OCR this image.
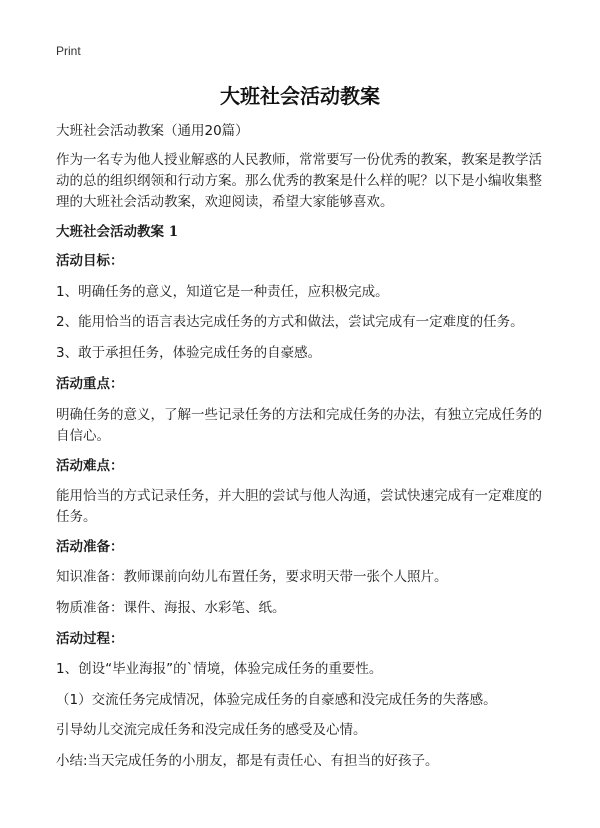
Print
大班社会活动教案
大班社会活动教案（通用20篇）
作为一名专为他人授业解惑的人民教师，常常要写一份优秀的教案，教案是教学活
动的总的组织纲领和行动方案。那么优秀的教案是什么样的呢？以下是小编收集整
理的大班社会活动教案，欢迎阅读，希望大家能够喜欢。
大班社会活动教案 1
活动目标：
1、明确任务的意义，知道它是一种责任，应积极完成。
2、能用恰当的语言表达完成任务的方式和做法，尝试完成有一定难度的任务。
3、敢于承担任务，体验完成任务的自豪感。
活动重点：
明确任务的意义，了解一些记录任务的方法和完成任务的办法，有独立完成任务的
自信心。
活动难点：
能用恰当的方式记录任务，并大胆的尝试与他人沟通，尝试快速完成有一定难度的
任务。
活动准备：
知识准备：教师课前向幼儿布置任务，要求明天带一张个人照片。
物质准备：课件、海报、水彩笔、纸。
活动过程：
1、创设“毕业海报”的`情境，体验完成任务的重要性。
（1）交流任务完成情况，体验完成任务的自豪感和没完成任务的失落感。
引导幼儿交流完成任务和没完成任务的感受及心情。
小结:当天完成任务的小朋友，都是有责任心、有担当的好孩子。
